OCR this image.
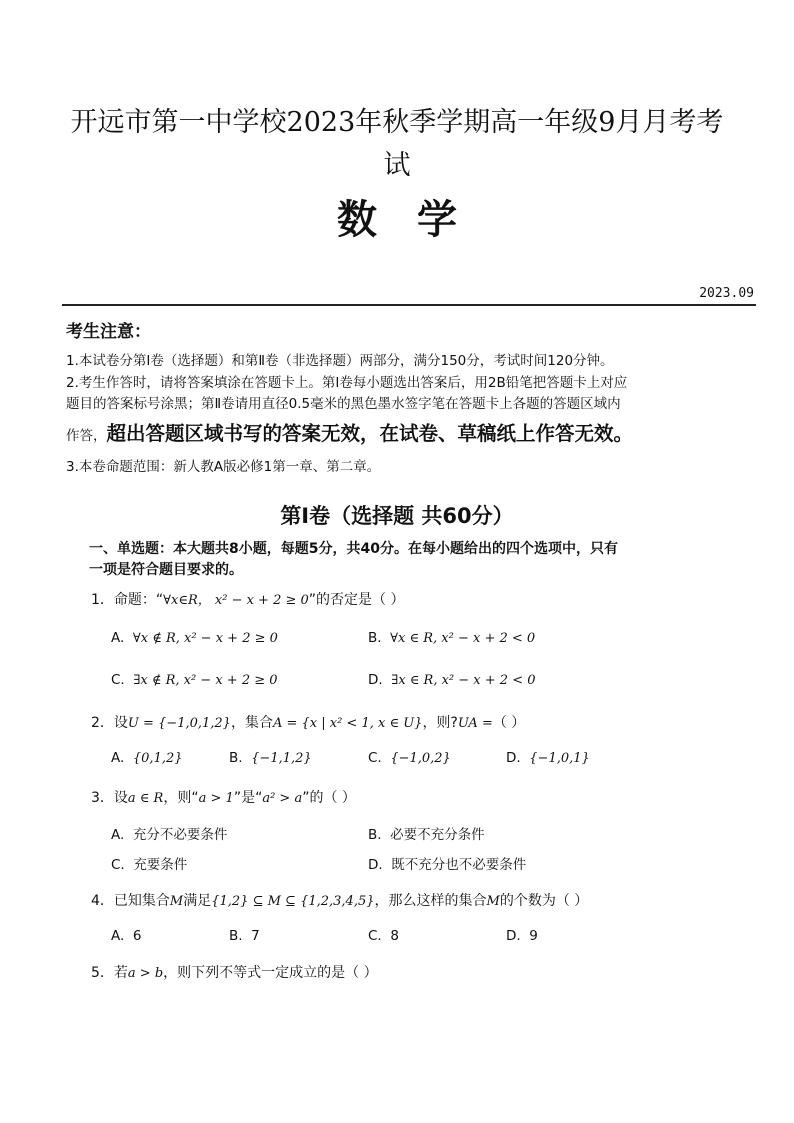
开远市第一中学校2023年秋季学期高一年级9月月考考
试
数学
2023.09
考生注意：
1.本试卷分第Ⅰ卷（选择题）和第Ⅱ卷（非选择题）两部分，满分150分，考试时间120分钟。
2.考生作答时，请将答案填涂在答题卡上。第Ⅰ卷每小题选出答案后，用2B铅笔把答题卡上对应
题目的答案标号涂黑；第Ⅱ卷请用直径0.5毫米的黑色墨水签字笔在答题卡上各题的答题区域内
作答，超出答题区域书写的答案无效，在试卷、草稿纸上作答无效。
3.本卷命题范围：新人教A版必修1第一章、第二章。
第Ⅰ卷（选择题 共60分）
一、单选题：本大题共8小题，每题5分，共40分。在每小题给出的四个选项中，只有
一项是符合题目要求的。
1．命题：“∀x∈R， x² − x + 2 ≥ 0”的否定是（ ）
A. ∀x ∉ R, x² − x + 2 ≥ 0	B. ∀x ∈ R, x² − x + 2 < 0
C. ∃x ∉ R, x² − x + 2 ≥ 0	D. ∃x ∈ R, x² − x + 2 < 0
2．设U = {−1,0,1,2}，集合A = {x | x² < 1, x ∈ U}，则?UA =（ ）
A. {0,1,2}	B. {−1,1,2}	C. {−1,0,2}	D. {−1,0,1}
3．设a ∈ R，则“a > 1”是“a² > a”的（ ）
A. 充分不必要条件	B. 必要不充分条件
C. 充要条件	D. 既不充分也不必要条件
4．已知集合M满足{1,2} ⊆ M ⊆ {1,2,3,4,5}，那么这样的集合M的个数为（ ）
A. 6	B. 7	C. 8	D. 9
5．若a > b，则下列不等式一定成立的是（ ）
